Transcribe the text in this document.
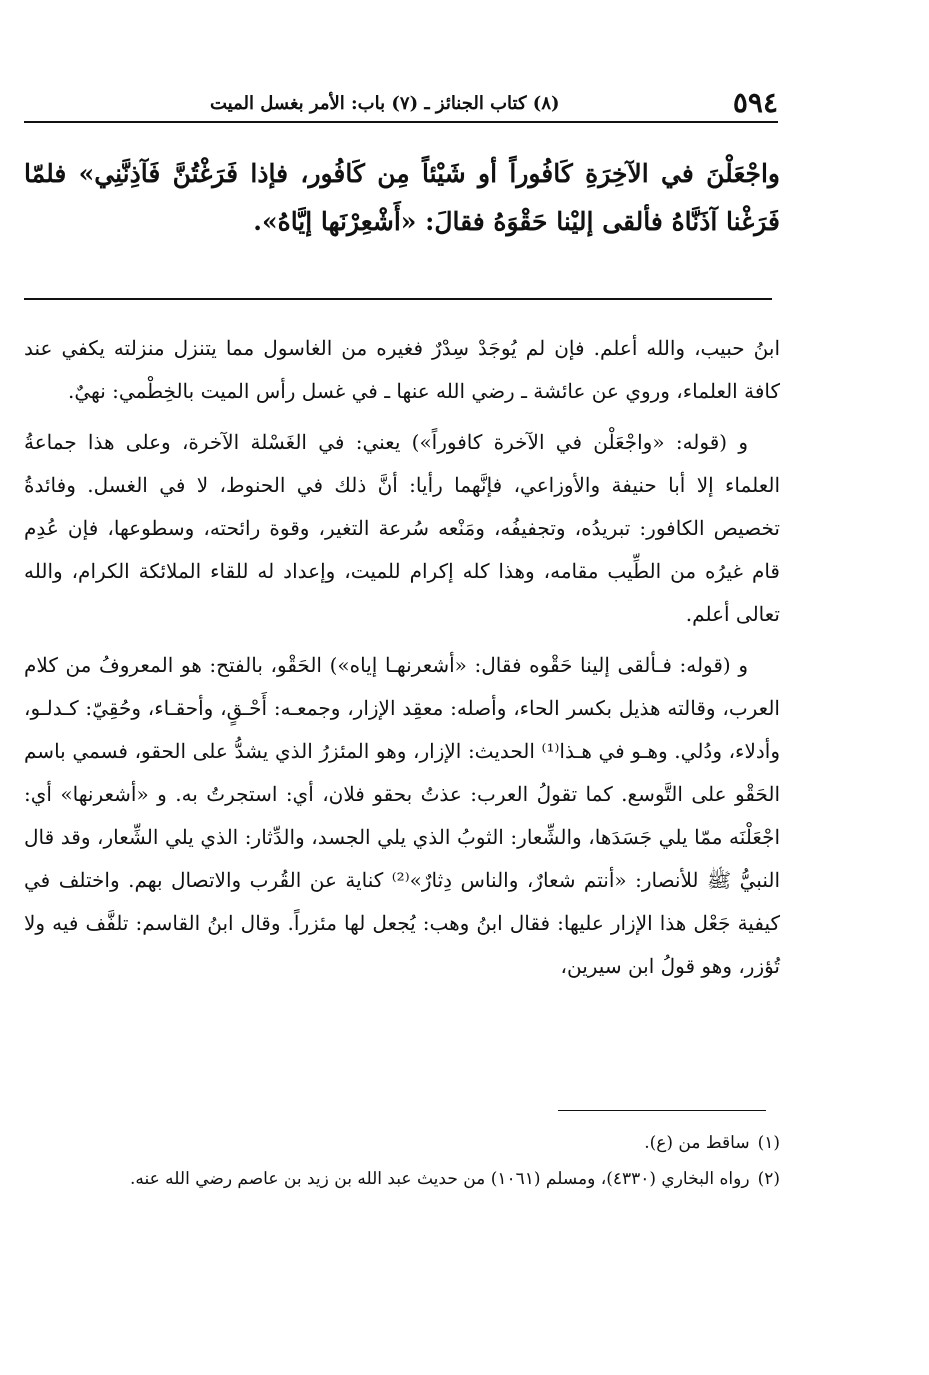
٥٩٤
(٨) كتاب الجنائز ـ (٧) باب: الأمر بغسل الميت
واجْعَلْنَ في الآخِرَةِ كَافُوراً أو شَيْئاً مِن كَافُور، فإذا فَرَغْتُنَّ فَآذِنَّنِي» فلمّا فَرَغْنا آذَنَّاهُ فألقى إليْنا حَقْوَهُ فقالَ: «أَشْعِرْنَها إيَّاهُ».

ابنُ حبيب، والله أعلم. فإن لم يُوجَدْ سِدْرٌ فغيره من الغاسول مما يتنزل منزلته يكفي عند كافة العلماء، وروي عن عائشة ـ رضي الله عنها ـ في غسل رأس الميت بالخِطْمي: نهيٌ.

و (قوله: «واجْعَلْن في الآخرة كافوراً») يعني: في الغَسْلة الآخرة، وعلى هذا جماعةُ العلماء إلا أبا حنيفة والأوزاعي، فإنَّهما رأيا: أنَّ ذلك في الحنوط، لا في الغسل. وفائدةُ تخصيص الكافور: تبريدُه، وتجفيفُه، ومَنْعه سُرعة التغير، وقوة رائحته، وسطوعها، فإن عُدِم قام غيرُه من الطِّيب مقامه، وهذا كله إكرام للميت، وإعداد له للقاء الملائكة الكرام، والله تعالى أعلم.

و (قوله: فـألقى إلينا حَقْوه فقال: «أشعرنهـا إياه») الحَقْو، بالفتح: هو المعروفُ من كلام العرب، وقالته هذيل بكسر الحاء، وأصله: معقِد الإزار، وجمعـه: أَحْـقٍ، وأحقـاء، وحُقِيّ: كـدلـو، وأدلاء، ودُلي. وهـو في هـذا⁽¹⁾ الحديث: الإزار، وهو المئزرُ الذي يشدُّ على الحقو، فسمي باسم الحَقْو على التَّوسع. كما تقولُ العرب: عذتُ بحقو فلان، أي: استجرتُ به. و «أشعرنها» أي: اجْعَلْنَه ممّا يلي جَسَدَها، والشِّعار: الثوبُ الذي يلي الجسد، والدِّثار: الذي يلي الشِّعار، وقد قال النبيُّ ﷺ للأنصار: «أنتم شعارٌ، والناس دِثارٌ»⁽²⁾ كناية عن القُرب والاتصال بهم. واختلف في كيفية جَعْل هذا الإزار عليها: فقال ابنُ وهب: يُجعل لها مئزراً. وقال ابنُ القاسم: تلفَّف فيه ولا تُؤزر، وهو قولُ ابن سيرين،

(١)ساقط من (ع).

(٢)رواه البخاري (٤٣٣٠)، ومسلم (١٠٦١) من حديث عبد الله بن زيد بن عاصم رضي الله عنه.
